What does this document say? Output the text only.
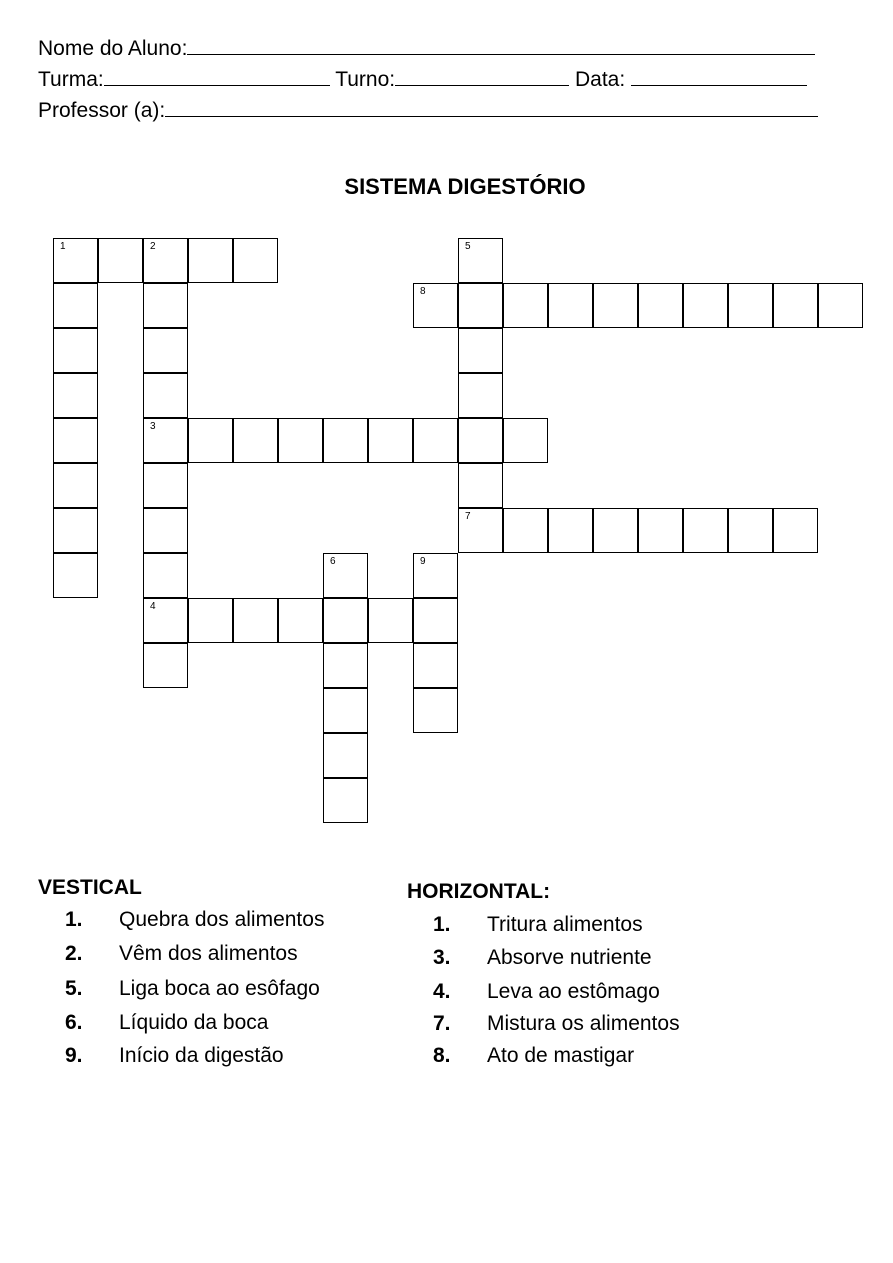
Nome do Aluno:
Turma:	Turno:	Data:
Professor (a):
SISTEMA DIGESTÓRIO
1	2	5
8
3
7
6	9
4
VESTICAL
1. Quebra dos alimentos
2. Vêm dos alimentos
5. Liga boca ao esôfago
6. Líquido da boca
9. Início da digestão
HORIZONTAL:
1. Tritura alimentos
3. Absorve nutriente
4. Leva ao estômago
7. Mistura os alimentos
8. Ato de mastigar
